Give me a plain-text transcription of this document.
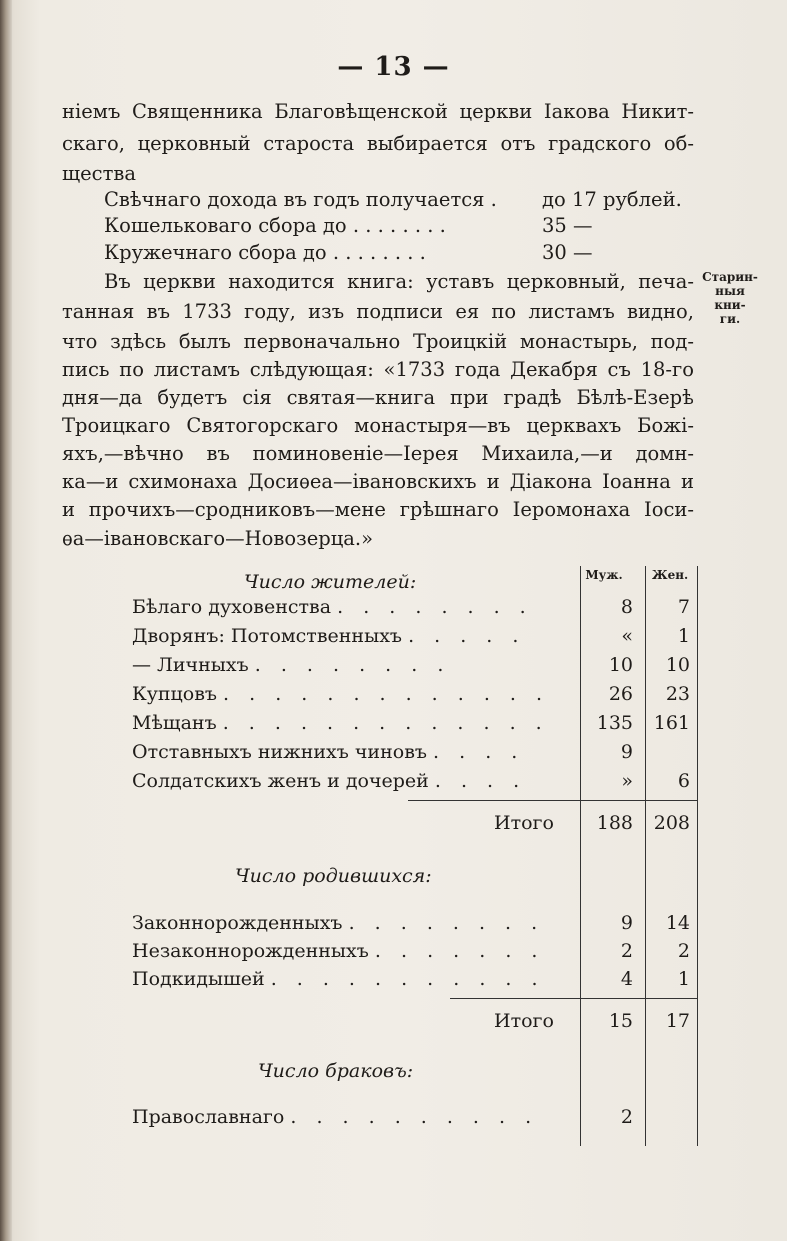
— 13 —
ніемъ Священника Благовѣщенской церкви Іакова Никит-
скаго, церковный староста выбирается отъ градского об-
щества
Свѣчнаго дохода въ годъ получается . до 17 рублей.
Кошельковаго сбора до . . . . . . . .	35 —
Кружечнаго сбора до . . . . . . . .	30 —
Въ церкви находится книга: уставъ церковный, печа-
танная въ 1733 году, изъ подписи ея по листамъ видно,
что здѣсь былъ первоначально Троицкій монастырь, под-
пись по листамъ слѣдующая: «1733 года Декабря съ 18-го
дня—да будетъ сія святая—книга при градѣ Бѣлѣ-Езерѣ
Троицкаго Святогорскаго монастыря—въ церквахъ Божі-
яхъ,—вѣчно въ поминовеніе—Іерея Михаила,—и домн-
ка—и схимонаха Досиѳеа—івановскихъ и Діакона Іоанна и
и прочихъ—сродниковъ—мене грѣшнаго Іеромонаха Іоси-
ѳа—івановскаго—Новозерца.»
Старин-
ныя кни-
ги.
Муж.	Жен.
Число жителей:
Бѣлаго духовенства . . . . . . . .	8	7
Дворянъ: Потомственныхъ . . . . .	«	1
— Личныхъ . . . . . . . .	10	10
Купцовъ . . . . . . . . . . . . .	26	23
Мѣщанъ . . . . . . . . . . . . .	135 161
Отставныхъ нижнихъ чиновъ . . . .	9
Солдатскихъ женъ и дочерей . . . .	»	6
Итого 188 208
Число родившихся:
Законнорожденныхъ . . . . . . . .	9	14
Незаконнорожденныхъ . . . . . . .	2	2
Подкидышей . . . . . . . . . . .	4	1
Итого	15	17
Число браковъ:
Православнаго . . . . . . . . . .	2
